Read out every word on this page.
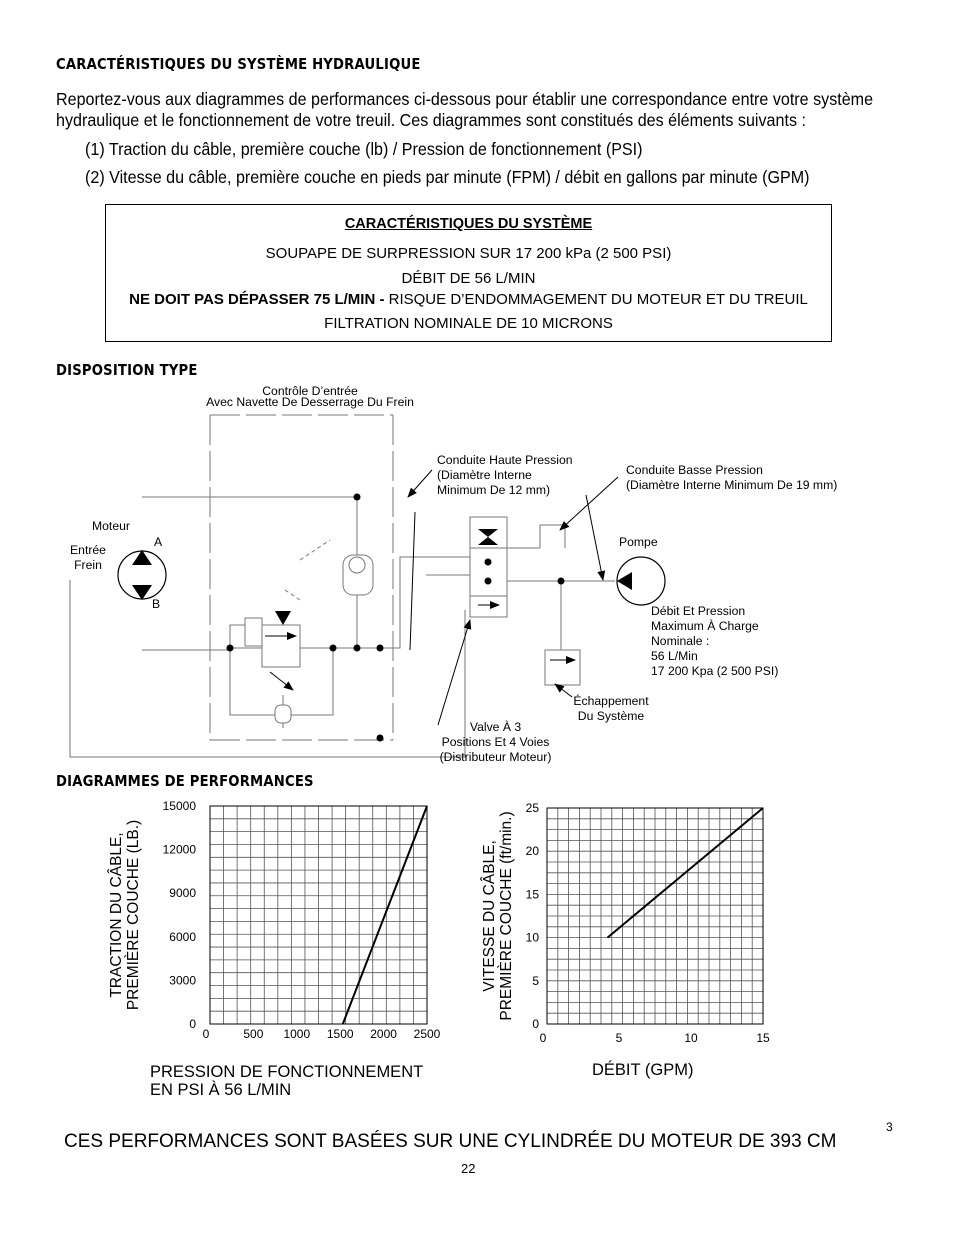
CARACTÉRISTIQUES DU SYSTÈME HYDRAULIQUE
Reportez-vous aux diagrammes de performances ci-dessous pour établir une correspondance entre votre système
hydraulique et le fonctionnement de votre treuil. Ces diagrammes sont constitués des éléments suivants :
(1) Traction du câble, première couche (lb) / Pression de fonctionnement (PSI)
(2) Vitesse du câble, première couche en pieds par minute (FPM) / débit en gallons par minute (GPM)
CARACTÉRISTIQUES DU SYSTÈME
SOUPAPE DE SURPRESSION SUR 17 200 kPa (2 500 PSI)
DÉBIT DE 56 L/MIN
NE DOIT PAS DÉPASSER 75 L/MIN - RISQUE D’ENDOMMAGEMENT DU MOTEUR ET DU TREUIL
FILTRATION NOMINALE DE 10 MICRONS
DISPOSITION TYPE
Contrôle D’entrée
Avec Navette De Desserrage Du Frein
Conduite Haute Pression
(Diamètre Interne
Minimum De 12 mm)
Conduite Basse Pression
(Diamètre Interne Minimum De 19 mm)
Moteur
A
B
Entrée
Frein
Pompe
Débit Et Pression
Maximum À Charge
Nominale :
56 L/Min
17 200 Kpa (2 500 PSI)
Échappement
Du Système
Valve À 3
Positions Et 4 Voies
(Distributeur Moteur)
DIAGRAMMES DE PERFORMANCES
0	500 1000 1500 2000 2500
0
3000
6000
9000
12000
15000
TRACTION DU CÂBLE,PREMIÈRE COUCHE (LB.)
0	5	10	15
0
5
10
15
20
25
VITESSE DU CÂBLE,PREMIÈRE COUCHE (ft/min.)
PRESSION DE FONCTIONNEMENT
EN PSI À 56 L/MIN
DÉBIT (GPM)
CES PERFORMANCES SONT BASÉES SUR UNE CYLINDRÉE DU MOTEUR DE 393 CM
3
22
